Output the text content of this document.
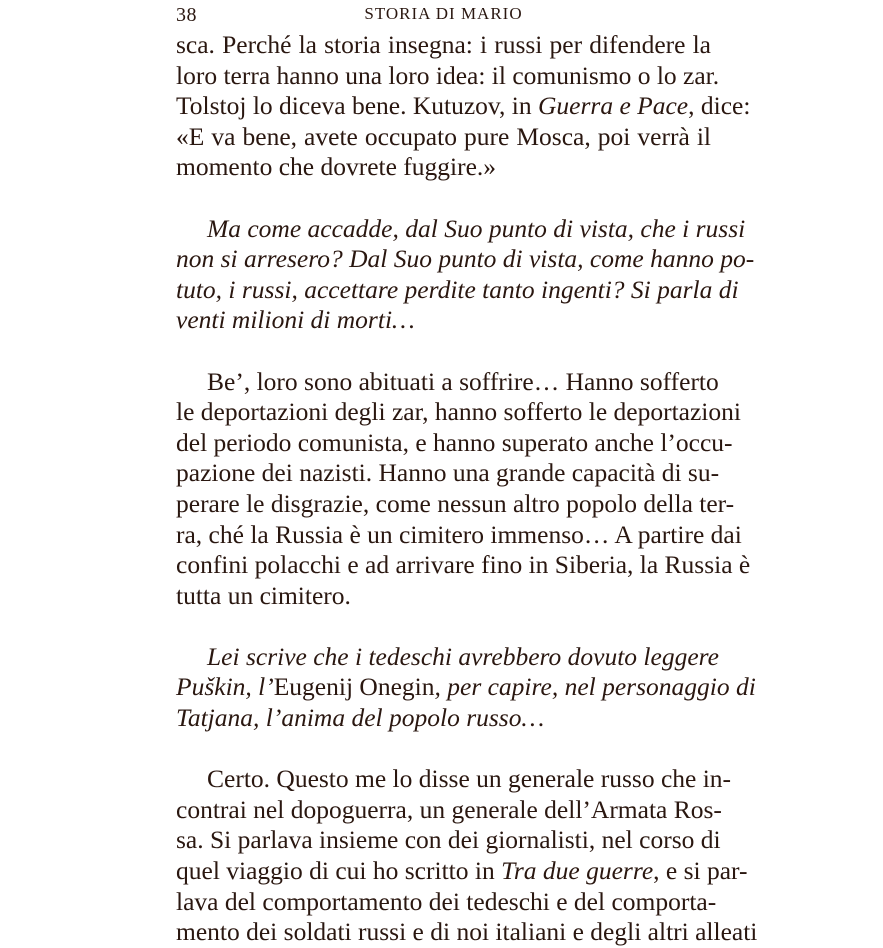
38	STORIA DI MARIO

sca. Perché la storia insegna: i russi per difendere la
loro terra hanno una loro idea: il comunismo o lo zar.
Tolstoj lo diceva bene. Kutuzov, in Guerra e Pace, dice:
«E va bene, avete occupato pure Mosca, poi verrà il
momento che dovrete fuggire.»

Ma come accadde, dal Suo punto di vista, che i russi
non si arresero? Dal Suo punto di vista, come hanno po-
tuto, i russi, accettare perdite tanto ingenti? Si parla di
venti milioni di morti…

Be’, loro sono abituati a soffrire… Hanno sofferto
le deportazioni degli zar, hanno sofferto le deportazioni
del periodo comunista, e hanno superato anche l’occu-
pazione dei nazisti. Hanno una grande capacità di su-
perare le disgrazie, come nessun altro popolo della ter-
ra, ché la Russia è un cimitero immenso… A partire dai
confini polacchi e ad arrivare fino in Siberia, la Russia è
tutta un cimitero.

Lei scrive che i tedeschi avrebbero dovuto leggere
Puškin, l’Eugenij Onegin, per capire, nel personaggio di
Tatjana, l’anima del popolo russo…

Certo. Questo me lo disse un generale russo che in-
contrai nel dopoguerra, un generale dell’Armata Ros-
sa. Si parlava insieme con dei giornalisti, nel corso di
quel viaggio di cui ho scritto in Tra due guerre, e si par-
lava del comportamento dei tedeschi e del comporta-
mento dei soldati russi e di noi italiani e degli altri alleati
